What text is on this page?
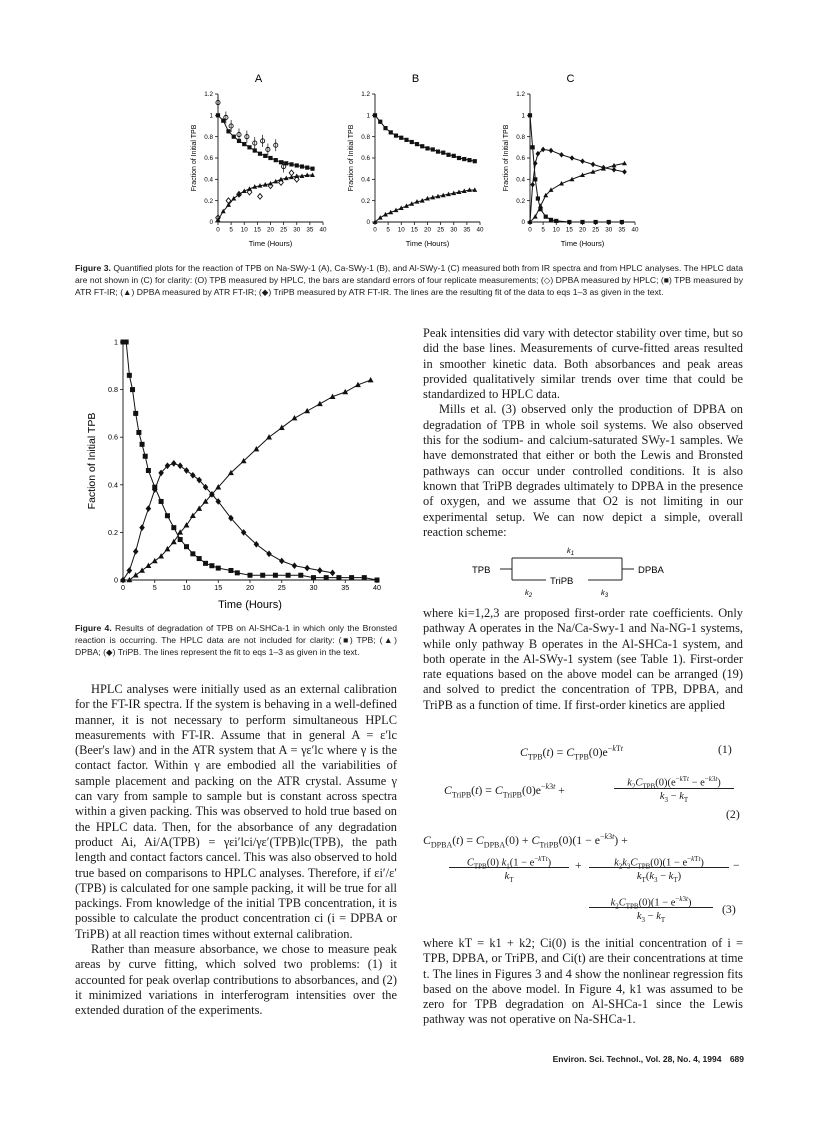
A
0
0.2
0.4
0.6
0.8
1
1.2
0 5 10 15 20 25 30 35 40
Fraction of Initial TPB
Time (Hours)
B
0
0.2
0.4
0.6
0.8
1
1.2
0 5 10 15 20 25 30 35 40
Fraction of Initial TPB
Time (Hours)
C
0
0.2
0.4
0.6
0.8
1
1.2
0 5 10 15 20 25 30 35 40
Fraction of Initial TPB
Time (Hours)
Figure 3. Quantified plots for the reaction of TPB on Na-SWy-1 (A), Ca-SWy-1 (B), and Al-SWy-1 (C) measured both from IR spectra and from HPLC analyses. The HPLC data are not shown in (C) for clarity: (O) TPB measured by HPLC, the bars are standard errors of four replicate measurements; (◇) DPBA measured by HPLC; (■) TPB measured by ATR FT-IR; (▲) DPBA measured by ATR FT-IR; (◆) TriPB measured by ATR FT-IR. The lines are the resulting fit of the data to eqs 1–3 as given in the text.
0
0.2
0.4
0.6
0.8
1
0	5	10	15	20	25	30	35	40
Faction of Initial TPB
Time (Hours)
Figure 4. Results of degradation of TPB on Al-SHCa-1 in which only the Bronsted reaction is occurring. The HPLC data are not included for clarity: (■) TPB; (▲) DPBA; (◆) TriPB. The lines represent the fit to eqs 1–3 as given in the text.

HPLC analyses were initially used as an external calibration for the FT-IR spectra. If the system is behaving in a well-defined manner, it is not necessary to perform simultaneous HPLC measurements with FT-IR. Assume that in general A = ε′lc (Beer's law) and in the ATR system that A = γε′lc where γ is the contact factor. Within γ are embodied all the variabilities of sample placement and packing on the ATR crystal. Assume γ can vary from sample to sample but is constant across spectra within a given packing. This was observed to hold true based on the HPLC data. Then, for the absorbance of any degradation product Ai, Ai/A(TPB) = γεi′lci/γε′(TPB)lc(TPB), the path length and contact factors cancel. This was also observed to hold true based on comparisons to HPLC analyses. Therefore, if εi′/ε′(TPB) is calculated for one sample packing, it will be true for all packings. From knowledge of the initial TPB concentration, it is possible to calculate the product concentration ci (i = DPBA or TriPB) at all reaction times without external calibration.

Rather than measure absorbance, we chose to measure peak areas by curve fitting, which solved two problems: (1) it accounted for peak overlap contributions to absorbances, and (2) it minimized variations in interferogram intensities over the extended duration of the experiments.

Peak intensities did vary with detector stability over time, but so did the base lines. Measurements of curve-fitted areas resulted in smoother kinetic data. Both absorbances and peak areas provided qualitatively similar trends over time that could be standardized to HPLC data.

Mills et al. (3) observed only the production of DPBA on degradation of TPB in whole soil systems. We also observed this for the sodium- and calcium-saturated SWy-1 samples. We have demonstrated that either or both the Lewis and Bronsted pathways can occur under controlled conditions. It is also known that TriPB degrades ultimately to DPBA in the presence of oxygen, and we assume that O2 is not limiting in our experimental setup. We can now depict a simple, overall reaction scheme:

TPB	DPBA
TriPB
$k_1$
$k_2$	$k_3$

where ki=1,2,3 are proposed first-order rate coefficients. Only pathway A operates in the Na/Ca-Swy-1 and Na-NG-1 systems, while only pathway B operates in the Al-SHCa-1 system, and both operate in the Al-SWy-1 system (see Table 1). First-order rate equations based on the above model can be arranged (19) and solved to predict the concentration of TPB, DPBA, and TriPB as a function of time. If first-order kinetics are applied

$C_{TPB}(t) = C_{TPB}(0)e^{-kTt}$	(1)
$C_{TriPB}(t) = C_{TriPB}(0)e^{-k3t}$ +	$k_2C_{TPB}(0)(e^{-kTt} - e^{-k3t})$
$k_3 - k_T$
(2)
$C_{DPBA}(t) = C_{DPBA}(0) + C_{TriPB}(0)(1 - e^{-k3t})$ +
$C_{TPB}(0) k_1(1 - e^{-kTt})$
$k_T$
+	$k_2k_3C_{TPB}(0)(1 - e^{-kTt})$
$k_T(k_3 - k_T)$
−
$k_2C_{TPB}(0)(1 - e^{-k3t})$
$k_3 - k_T$
(3)

where kT = k1 + k2; Ci(0) is the initial concentration of i = TPB, DPBA, or TriPB, and Ci(t) are their concentrations at time t. The lines in Figures 3 and 4 show the nonlinear regression fits based on the above model. In Figure 4, k1 was assumed to be zero for TPB degradation on Al-SHCa-1 since the Lewis pathway was not operative on Na-SHCa-1.

Environ. Sci. Technol., Vol. 28, No. 4, 1994 689
